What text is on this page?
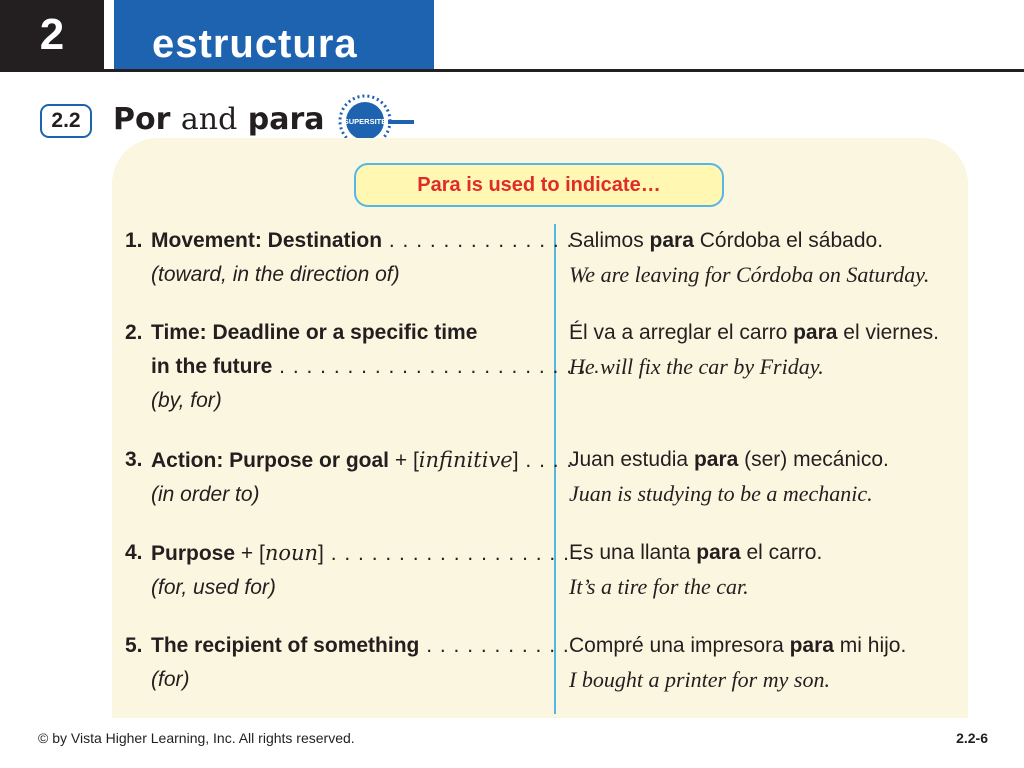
2	estructura
2.2	Por and para	SUPERSITE
Para is used to indicate…
1. Movement: Destination . . . . . . . . . . . . . .
(toward, in the direction of)
Salimos para Córdoba el sábado.
We are leaving for Córdoba on Saturday.
2. Time: Deadline or a specific time
in the future . . . . . . . . . . . . . . . . . . . . . . . . . .
(by, for)
Él va a arreglar el carro para el viernes.
He will fix the car by Friday.
3. Action: Purpose or goal + [infinitive] . . . .
(in order to)
Juan estudia para (ser) mecánico.
Juan is studying to be a mechanic.
4. Purpose + [noun] . . . . . . . . . . . . . . . . . . .
(for, used for)
Es una llanta para el carro.
It’s a tire for the car.
5. The recipient of something . . . . . . . . . . .
(for)
Compré una impresora para mi hijo.
I bought a printer for my son.
© by Vista Higher Learning, Inc. All rights reserved.	2.2-6
